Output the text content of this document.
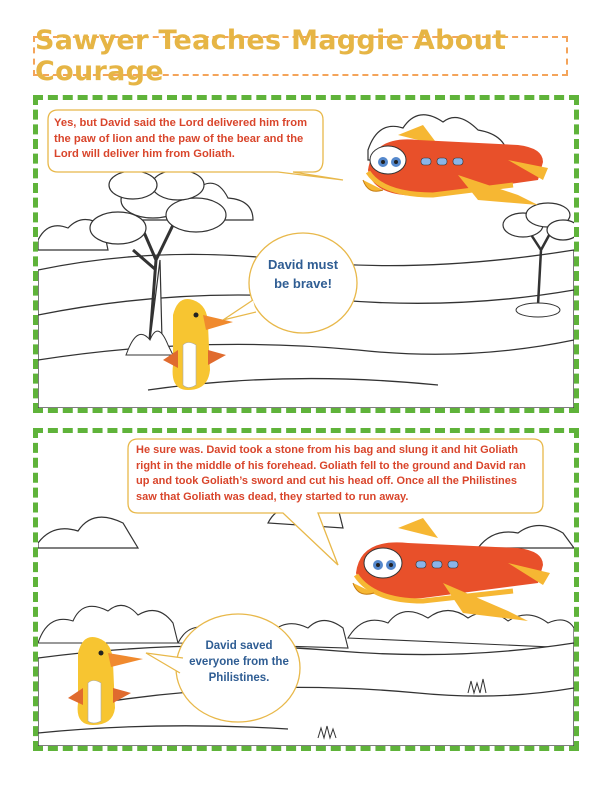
Sawyer Teaches Maggie About Courage
Yes, but David said the Lord delivered him from the paw of lion and the paw of the bear and the Lord will deliver him from Goliath.
David must be brave!
He sure was. David took a stone from his bag and slung it and hit Goliath right in the middle of his forehead. Goliath fell to the ground and David ran up and took Goliath’s sword and cut his head off. Once all the Philistines saw that Goliath was dead, they started to run away.
David saved everyone from the Philistines.
